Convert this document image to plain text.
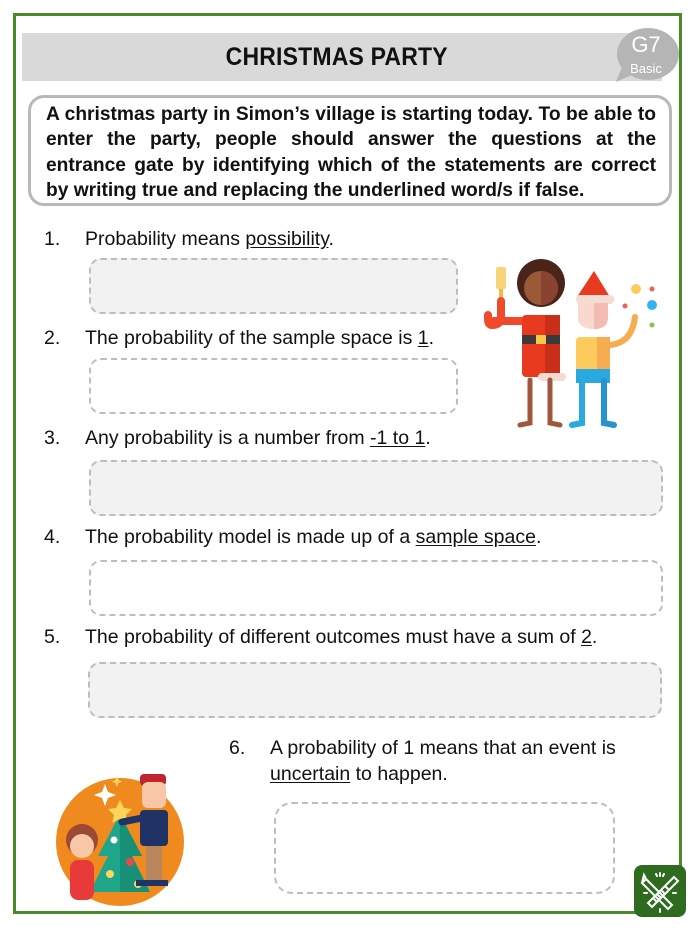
CHRISTMAS PARTY	G7
Basic

A christmas party in Simon’s village is starting today. To be able to enter the party, people should answer the questions at the entrance gate by identifying which of the statements are correct by writing true and replacing the underlined word/s if false.

1. Probability means possibility.
2. The probability of the sample space is 1.
3. Any probability is a number from -1 to 1.
4. The probability model is made up of a sample space.
5. The probability of different outcomes must have a sum of 2.
6. A probability of 1 means that an event is
uncertain to happen.
